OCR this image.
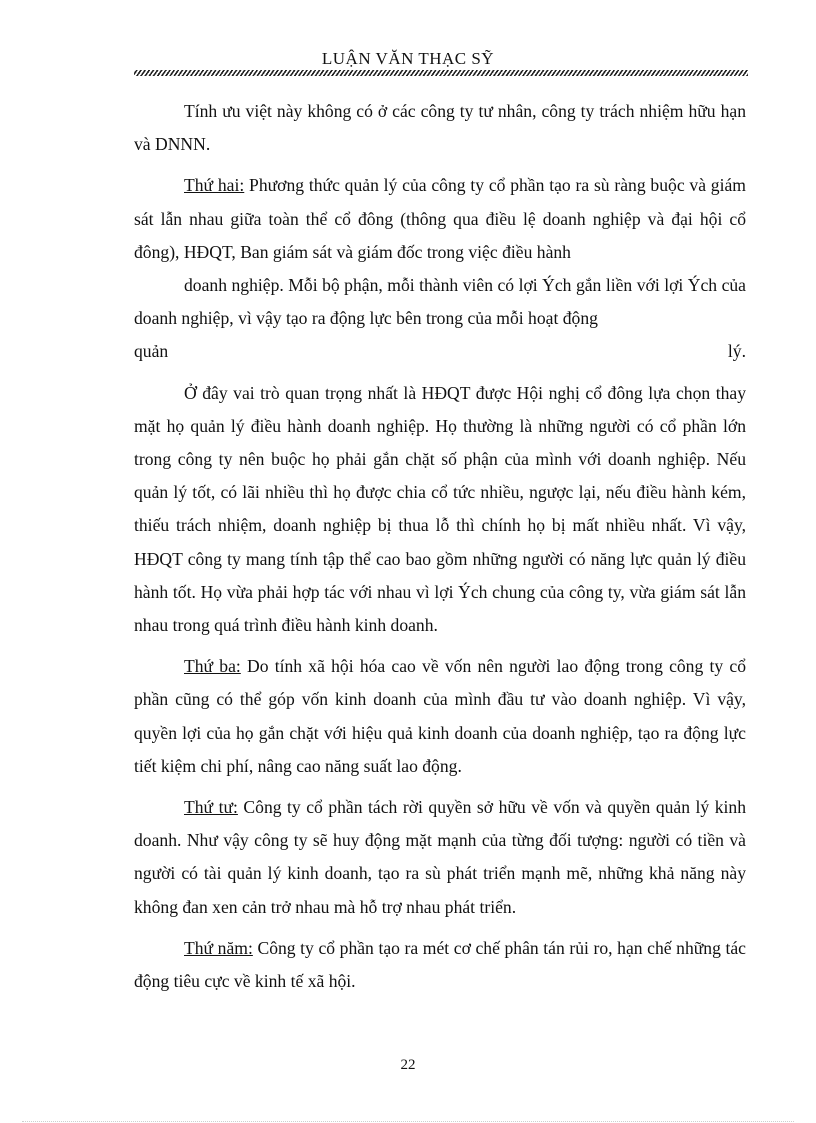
LUẬN VĂN THẠC SỸ

Tính ưu việt này không có ở các công ty tư nhân, công ty trách nhiệm hữu hạn và DNNN.

Thứ hai: Phương thức quản lý của công ty cổ phần tạo ra sù ràng buộc và giám sát lẫn nhau giữa toàn thể cổ đông (thông qua điều lệ doanh nghiệp và đại hội cổ đông), HĐQT, Ban giám sát và giám đốc trong việc điều hành

doanh nghiệp. Mỗi bộ phận, mỗi thành viên có lợi Ých gắn liền với lợi Ých của doanh nghiệp, vì vậy tạo ra động lực bên trong của mỗi hoạt động

quản	lý.

Ở đây vai trò quan trọng nhất là HĐQT được Hội nghị cổ đông lựa chọn thay mặt họ quản lý điều hành doanh nghiệp. Họ thường là những người có cổ phần lớn trong công ty nên buộc họ phải gắn chặt số phận của mình với doanh nghiệp. Nếu quản lý tốt, có lãi nhiều thì họ được chia cổ tức nhiều, ngược lại, nếu điều hành kém, thiếu trách nhiệm, doanh nghiệp bị thua lỗ thì chính họ bị mất nhiều nhất. Vì vậy, HĐQT công ty mang tính tập thể cao bao gồm những người có năng lực quản lý điều hành tốt. Họ vừa phải hợp tác với nhau vì lợi Ých chung của công ty, vừa giám sát lẫn nhau trong quá trình điều hành kinh doanh.

Thứ ba: Do tính xã hội hóa cao về vốn nên người lao động trong công ty cổ phần cũng có thể góp vốn kinh doanh của mình đầu tư vào doanh nghiệp. Vì vậy, quyền lợi của họ gắn chặt với hiệu quả kinh doanh của doanh nghiệp, tạo ra động lực tiết kiệm chi phí, nâng cao năng suất lao động.

Thứ tư: Công ty cổ phần tách rời quyền sở hữu về vốn và quyền quản lý kinh doanh. Như vậy công ty sẽ huy động mặt mạnh của từng đối tượng: người có tiền và người có tài quản lý kinh doanh, tạo ra sù phát triển mạnh mẽ, những khả năng này không đan xen cản trở nhau mà hỗ trợ nhau phát triển.

Thứ năm: Công ty cổ phần tạo ra mét cơ chế phân tán rủi ro, hạn chế những tác động tiêu cực về kinh tế xã hội.

22
